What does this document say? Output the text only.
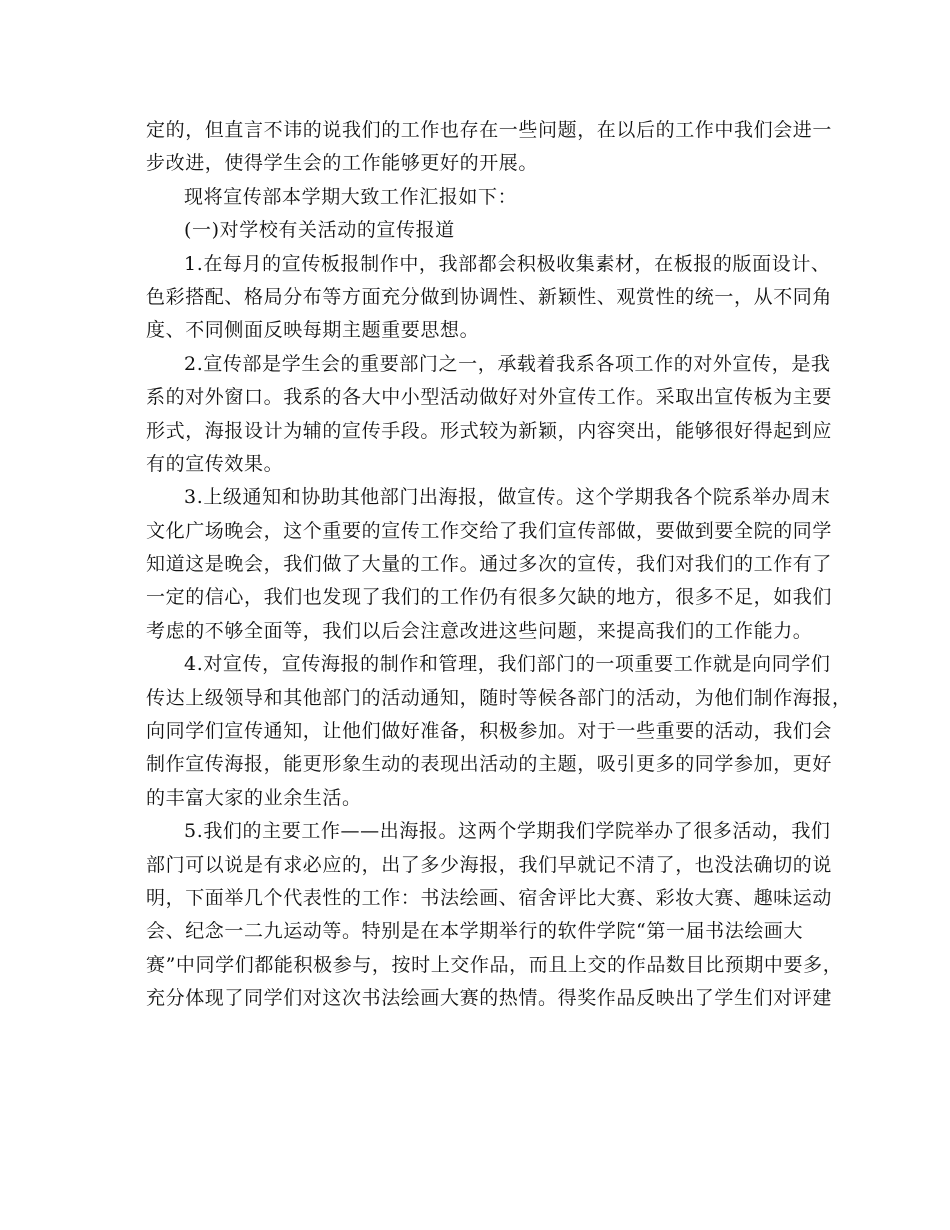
定的，但直言不讳的说我们的工作也存在一些问题，在以后的工作中我们会进一
步改进，使得学生会的工作能够更好的开展。
现将宣传部本学期大致工作汇报如下：
(一)对学校有关活动的宣传报道
1.在每月的宣传板报制作中，我部都会积极收集素材，在板报的版面设计、
色彩搭配、格局分布等方面充分做到协调性、新颖性、观赏性的统一，从不同角
度、不同侧面反映每期主题重要思想。
2.宣传部是学生会的重要部门之一，承载着我系各项工作的对外宣传，是我
系的对外窗口。我系的各大中小型活动做好对外宣传工作。采取出宣传板为主要
形式，海报设计为辅的宣传手段。形式较为新颖，内容突出，能够很好得起到应
有的宣传效果。
3.上级通知和协助其他部门出海报，做宣传。这个学期我各个院系举办周末
文化广场晚会，这个重要的宣传工作交给了我们宣传部做，要做到要全院的同学
知道这是晚会，我们做了大量的工作。通过多次的宣传，我们对我们的工作有了
一定的信心，我们也发现了我们的工作仍有很多欠缺的地方，很多不足，如我们
考虑的不够全面等，我们以后会注意改进这些问题，来提高我们的工作能力。
4.对宣传，宣传海报的制作和管理，我们部门的一项重要工作就是向同学们
传达上级领导和其他部门的活动通知，随时等候各部门的活动，为他们制作海报，
向同学们宣传通知，让他们做好准备，积极参加。对于一些重要的活动，我们会
制作宣传海报，能更形象生动的表现出活动的主题，吸引更多的同学参加，更好
的丰富大家的业余生活。
5.我们的主要工作——出海报。这两个学期我们学院举办了很多活动，我们
部门可以说是有求必应的，出了多少海报，我们早就记不清了，也没法确切的说
明，下面举几个代表性的工作：书法绘画、宿舍评比大赛、彩妆大赛、趣味运动
会、纪念一二九运动等。特别是在本学期举行的软件学院“第一届书法绘画大
赛”中同学们都能积极参与，按时上交作品，而且上交的作品数目比预期中要多，
充分体现了同学们对这次书法绘画大赛的热情。得奖作品反映出了学生们对评建
